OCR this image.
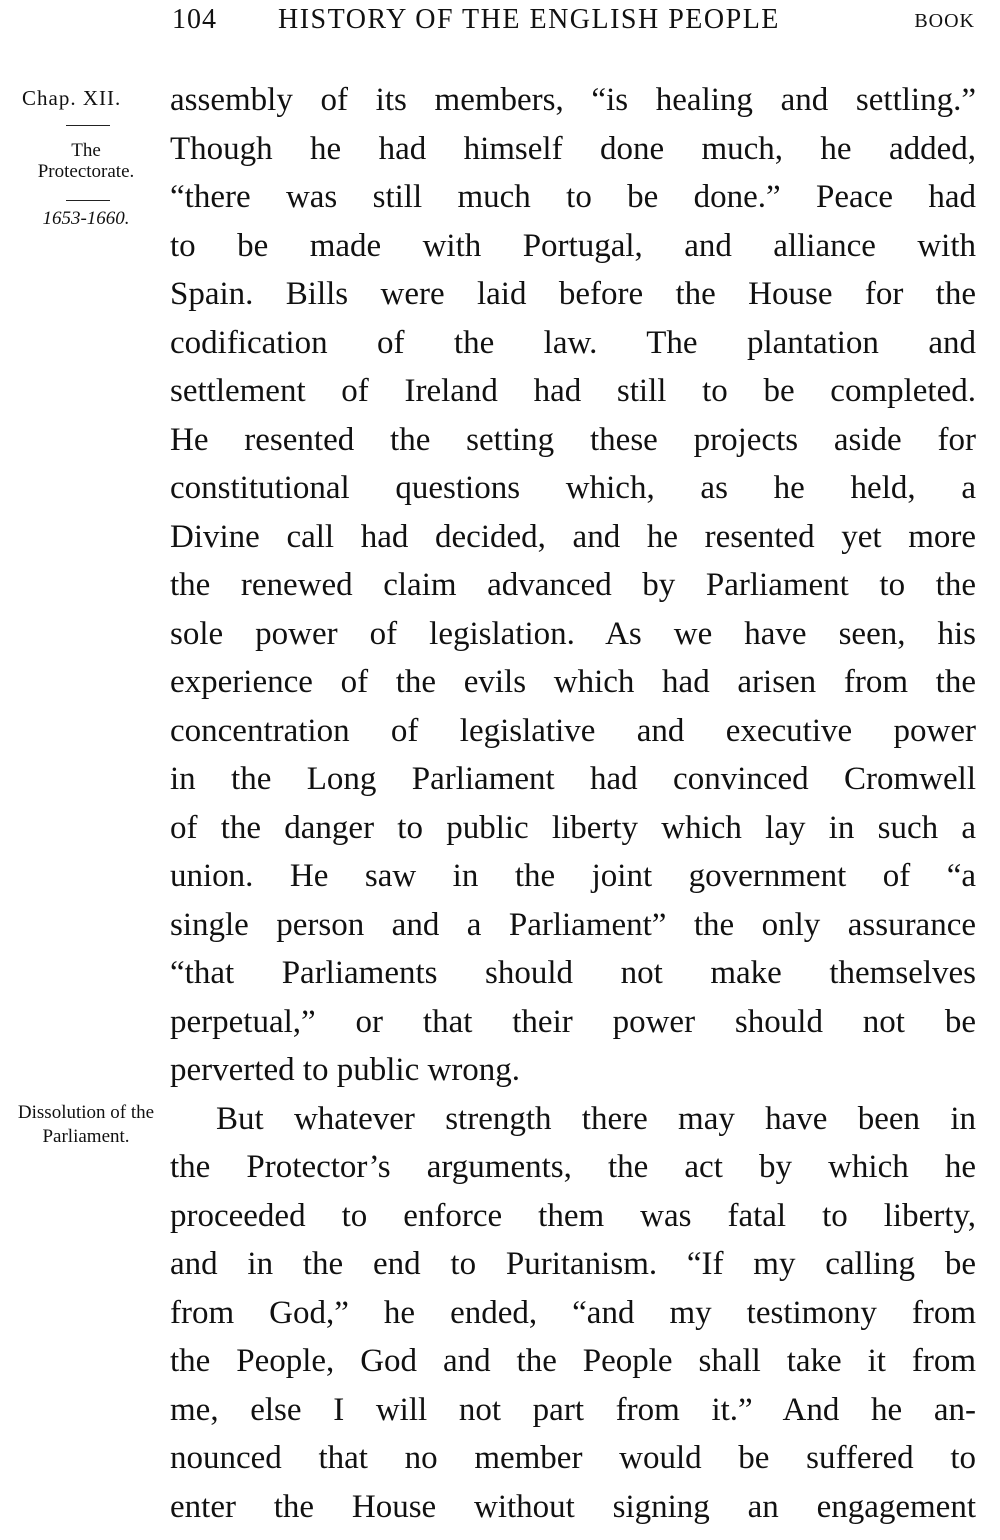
104 HISTORY OF THE ENGLISH PEOPLE	BOOK
Chap. XII.
The Protectorate.
1653-1660.
Dissolution of the Parliament.
assembly of its members, “is healing and settling.”
Though he had himself done much, he added,
“there was still much to be done.” Peace had
to be made with Portugal, and alliance with
Spain. Bills were laid before the House for the
codification of the law. The plantation and
settlement of Ireland had still to be completed.
He resented the setting these projects aside for
constitutional questions which, as he held, a
Divine call had decided, and he resented yet more
the renewed claim advanced by Parliament to the
sole power of legislation. As we have seen, his
experience of the evils which had arisen from the
concentration of legislative and executive power
in the Long Parliament had convinced Cromwell
of the danger to public liberty which lay in such a
union. He saw in the joint government of “a
single person and a Parliament” the only assurance
“that Parliaments should not make themselves
perpetual,” or that their power should not be
perverted to public wrong.
But whatever strength there may have been in
the Protector’s arguments, the act by which he
proceeded to enforce them was fatal to liberty,
and in the end to Puritanism. “If my calling be
from God,” he ended, “and my testimony from
the People, God and the People shall take it from
me, else I will not part from it.” And he an-
nounced that no member would be suffered to
enter the House without signing an engagement
